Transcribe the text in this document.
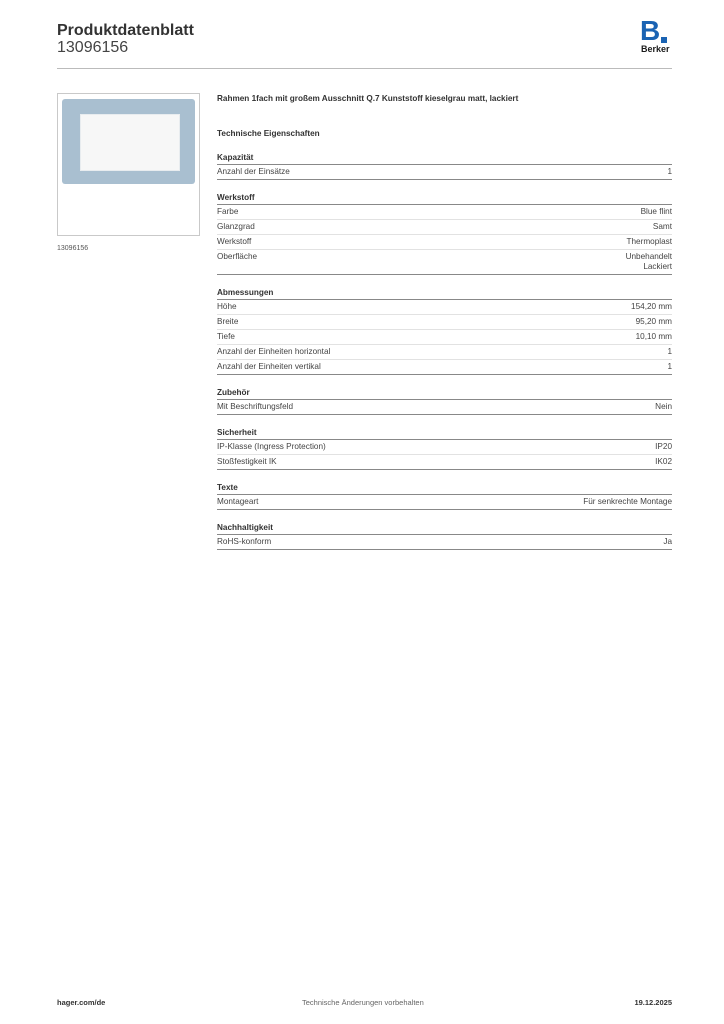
Produktdatenblatt
13096156
B
Berker
13096156
Rahmen 1fach mit großem Ausschnitt Q.7 Kunststoff kieselgrau matt, lackiert
Technische Eigenschaften
Kapazität
Anzahl der Einsätze	1
Werkstoff
Farbe	Blue flint
Glanzgrad	Samt
Werkstoff	Thermoplast
Oberfläche	Unbehandelt
Lackiert
Abmessungen
Höhe	154,20 mm
Breite	95,20 mm
Tiefe	10,10 mm
Anzahl der Einheiten horizontal	1
Anzahl der Einheiten vertikal	1
Zubehör
Mit Beschriftungsfeld	Nein
Sicherheit
IP-Klasse (Ingress Protection)	IP20
Stoßfestigkeit IK	IK02
Texte
Montageart	Für senkrechte Montage
Nachhaltigkeit
RoHS-konform	Ja
hager.com/de	Technische Änderungen vorbehalten	19.12.2025
